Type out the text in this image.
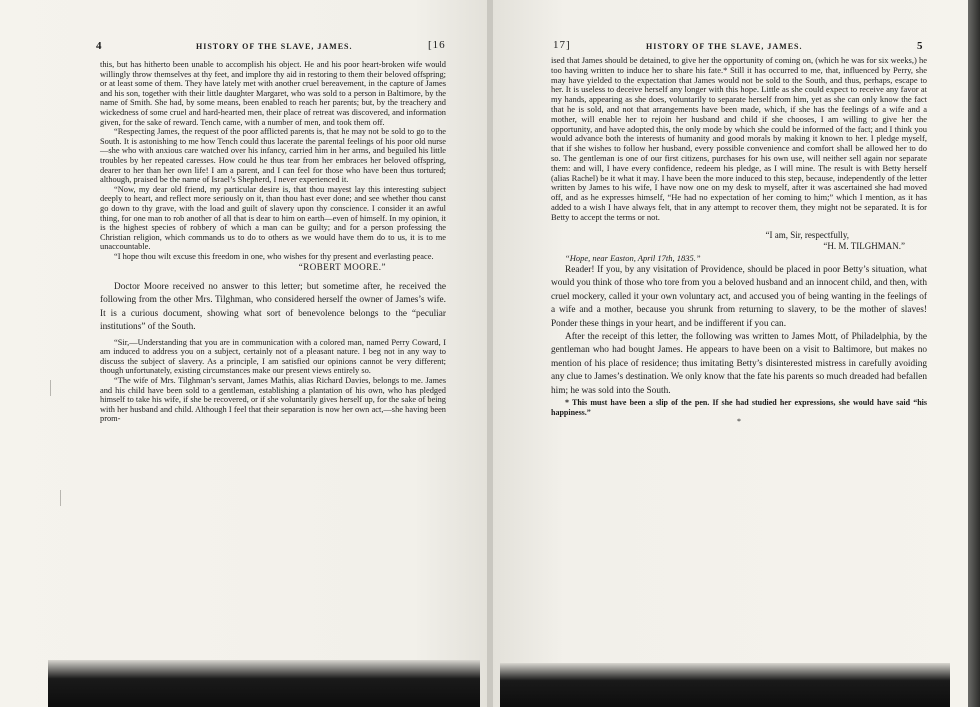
4	HISTORY OF THE SLAVE, JAMES.	[16

this, but has hitherto been unable to accomplish his object. He and his poor heart-broken wife would willingly throw themselves at thy feet, and implore thy aid in restoring to them their beloved offspring; or at least some of them. They have lately met with another cruel bereavement, in the capture of James and his son, together with their little daughter Margaret, who was sold to a person in Baltimore, by the name of Smith. She had, by some means, been enabled to reach her parents; but, by the treachery and wickedness of some cruel and hard-hearted men, their place of retreat was discovered, and information given, for the sake of reward. Tench came, with a number of men, and took them off.

“Respecting James, the request of the poor afflicted parents is, that he may not be sold to go to the South. It is astonishing to me how Tench could thus lacerate the parental feelings of his poor old nurse—she who with anxious care watched over his infancy, carried him in her arms, and beguiled his little troubles by her repeated caresses. How could he thus tear from her embraces her beloved offspring, dearer to her than her own life! I am a parent, and I can feel for those who have been thus tortured; although, praised be the name of Israel’s Shepherd, I never experienced it.

“Now, my dear old friend, my particular desire is, that thou mayest lay this interesting subject deeply to heart, and reflect more seriously on it, than thou hast ever done; and see whether thou canst go down to thy grave, with the load and guilt of slavery upon thy conscience. I consider it an awful thing, for one man to rob another of all that is dear to him on earth—even of himself. In my opinion, it is the highest species of robbery of which a man can be guilty; and for a person professing the Christian religion, which commands us to do to others as we would have them do to us, it is to me unaccountable.

“I hope thou wilt excuse this freedom in one, who wishes for thy present and everlasting peace.

“ROBERT MOORE.”

Doctor Moore received no answer to this letter; but sometime after, he received the following from the other Mrs. Tilghman, who considered herself the owner of James’s wife. It is a curious document, showing what sort of benevolence belongs to the “peculiar institutions” of the South.

“Sir,—Understanding that you are in communication with a colored man, named Perry Coward, I am induced to address you on a subject, certainly not of a pleasant nature. I beg not in any way to discuss the subject of slavery. As a principle, I am satisfied our opinions cannot be very different; though unfortunately, existing circumstances make our present views entirely so.

“The wife of Mrs. Tilghman’s servant, James Mathis, alias Richard Davies, belongs to me. James and his child have been sold to a gentleman, establishing a plantation of his own, who has pledged himself to take his wife, if she be recovered, or if she voluntarily gives herself up, for the sake of being with her husband and child. Although I feel that their separation is now her own act,—she having been prom-

17]	HISTORY OF THE SLAVE, JAMES.	5

ised that James should be detained, to give her the opportunity of coming on, (which he was for six weeks,) he too having written to induce her to share his fate.* Still it has occurred to me, that, influenced by Perry, she may have yielded to the expectation that James would not be sold to the South, and thus, perhaps, escape to her. It is useless to deceive herself any longer with this hope. Little as she could expect to receive any favor at my hands, appearing as she does, voluntarily to separate herself from him, yet as she can only know the fact that he is sold, and not that arrangements have been made, which, if she has the feelings of a wife and a mother, will enable her to rejoin her husband and child if she chooses, I am willing to give her the opportunity, and have adopted this, the only mode by which she could be informed of the fact; and I think you would advance both the interests of humanity and good morals by making it known to her. I pledge myself, that if she wishes to follow her husband, every possible convenience and comfort shall be allowed her to do so. The gentleman is one of our first citizens, purchases for his own use, will neither sell again nor separate them: and will, I have every confidence, redeem his pledge, as I will mine. The result is with Betty herself (alias Rachel) be it what it may. I have been the more induced to this step, because, independently of the letter written by James to his wife, I have now one on my desk to myself, after it was ascertained she had moved off, and as he expresses himself, “He had no expectation of her coming to him;” which I mention, as it has added to a wish I have always felt, that in any attempt to recover them, they might not be separated. It is for Betty to accept the terms or not.

“I am, Sir, respectfully,
“H. M. TILGHMAN.”

“Hope, near Easton, April 17th, 1835.”

Reader! If you, by any visitation of Providence, should be placed in poor Betty’s situation, what would you think of those who tore from you a beloved husband and an innocent child, and then, with cruel mockery, called it your own voluntary act, and accused you of being wanting in the feelings of a wife and a mother, because you shrunk from returning to slavery, to be the mother of slaves! Ponder these things in your heart, and be indifferent if you can.

After the receipt of this letter, the following was written to James Mott, of Philadelphia, by the gentleman who had bought James. He appears to have been on a visit to Baltimore, but makes no mention of his place of residence; thus imitating Betty’s disinterested mistress in carefully avoiding any clue to James’s destination. We only know that the fate his parents so much dreaded had befallen him; he was sold into the South.

* This must have been a slip of the pen. If she had studied her expressions, she would have said “his happiness.”

*
